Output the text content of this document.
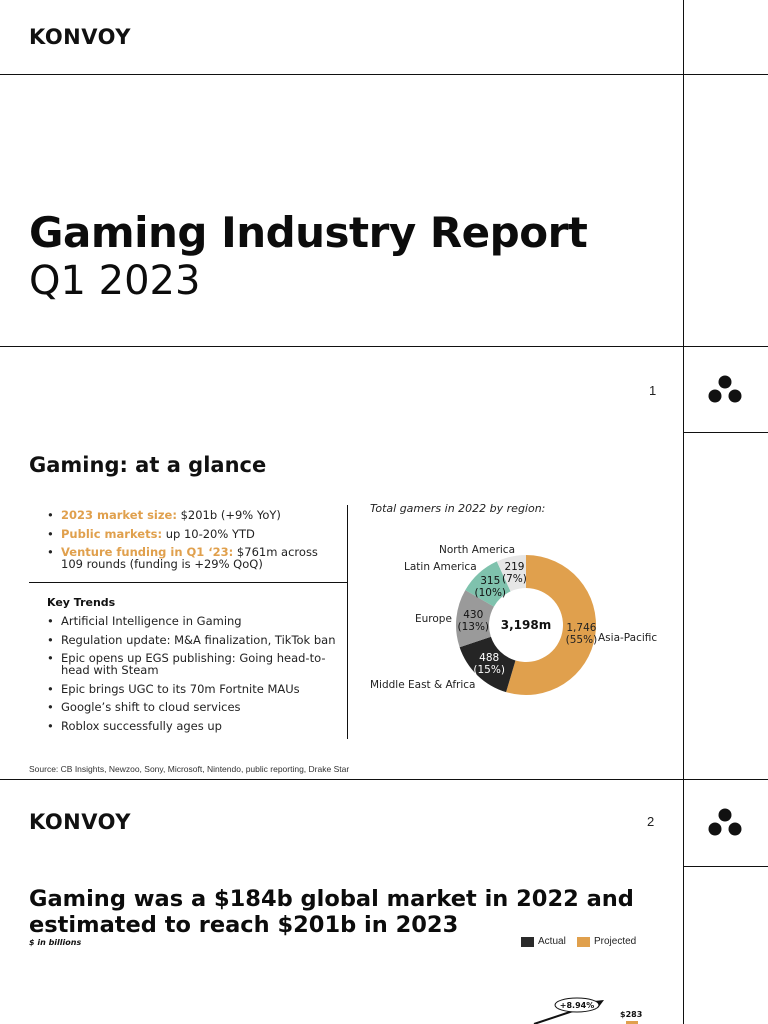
KONVOY
Gaming Industry Report
Q1 2023
1
Gaming: at a glance
• 2023 market size: $201b (+9% YoY)
• Public markets: up 10-20% YTD
• Venture funding in Q1 ‘23: $761m across 109 rounds (funding is +29% QoQ)
Key Trends
• Artificial Intelligence in Gaming
• Regulation update: M&A finalization, TikTok ban
• Epic opens up EGS publishing: Going head-to-head with Steam
• Epic brings UGC to its 70m Fortnite MAUs
• Google’s shift to cloud services
• Roblox successfully ages up
Total gamers in 2022 by region:
1,746
(55%) Asia-Pacific
488
(15%)
Middle East & Africa
430
(13%)
Europe
315
(10%)
Latin America	219
(7%)
North America
3,198m
Source: CB Insights, Newzoo, Sony, Microsoft, Nintendo, public reporting, Drake Star
KONVOY	2
Gaming was a $184b global market in 2022 and estimated to reach $201b in 2023
$ in billions	Actual	Projected
+8.94%
$283
